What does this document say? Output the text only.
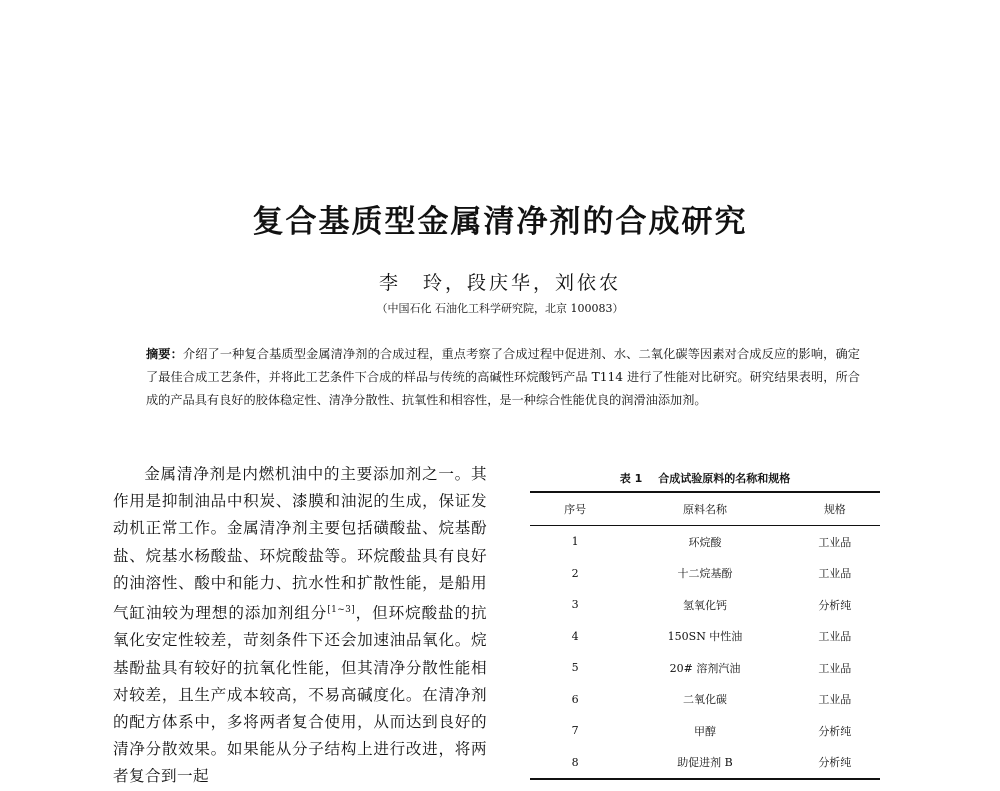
复合基质型金属清净剂的合成研究

李　玲，段庆华，刘依农

（中国石化 石油化工科学研究院，北京 100083）

摘要：介绍了一种复合基质型金属清净剂的合成过程，重点考察了合成过程中促进剂、水、二氧化碳等因素对合成反应的影响，确定了最佳合成工艺条件，并将此工艺条件下合成的样品与传统的高碱性环烷酸钙产品 T114 进行了性能对比研究。研究结果表明，所合成的产品具有良好的胶体稳定性、清净分散性、抗氧性和相容性，是一种综合性能优良的润滑油添加剂。

金属清净剂是内燃机油中的主要添加剂之一。其作用是抑制油品中积炭、漆膜和油泥的生成，保证发动机正常工作。金属清净剂主要包括磺酸盐、烷基酚盐、烷基水杨酸盐、环烷酸盐等。环烷酸盐具有良好的油溶性、酸中和能力、抗水性和扩散性能，是船用气缸油较为理想的添加剂组分[1~3]，但环烷酸盐的抗氧化安定性较差，苛刻条件下还会加速油品氧化。烷基酚盐具有较好的抗氧化性能，但其清净分散性能相对较差，且生产成本较高，不易高碱度化。在清净剂的配方体系中，多将两者复合使用，从而达到良好的清净分散效果。如果能从分子结构上进行改进，将两者复合到一起

表 1 合成试验原料的名称和规格
序号	原料名称	规格
1	环烷酸	工业品
2	十二烷基酚	工业品
3	氢氧化钙	分析纯
4	150SN 中性油	工业品
5	20# 溶剂汽油	工业品
6	二氧化碳	工业品
7	甲醇	分析纯
8	助促进剂 B	分析纯
